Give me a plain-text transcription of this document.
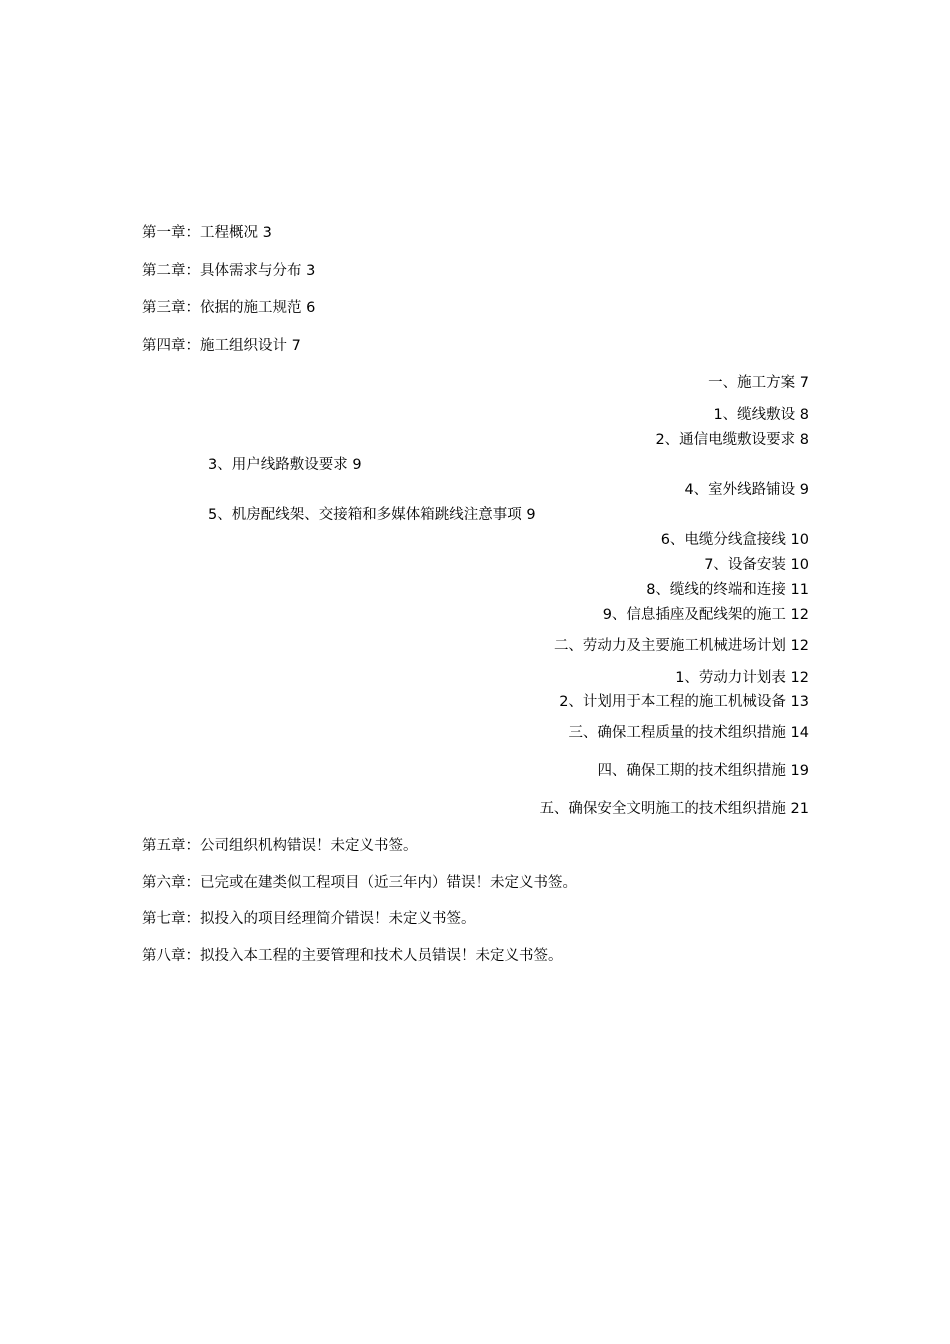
第一章：工程概况 3
第二章：具体需求与分布 3
第三章：依据的施工规范 6
第四章：施工组织设计 7
一、施工方案 7
1、缆线敷设 8
2、通信电缆敷设要求 8
3、用户线路敷设要求 9
4、室外线路铺设 9
5、机房配线架、交接箱和多媒体箱跳线注意事项 9
6、电缆分线盒接线 10
7、设备安装 10
8、缆线的终端和连接 11
9、信息插座及配线架的施工 12
二、劳动力及主要施工机械进场计划 12
1、劳动力计划表 12
2、计划用于本工程的施工机械设备 13
三、确保工程质量的技术组织措施 14
四、确保工期的技术组织措施 19
五、确保安全文明施工的技术组织措施 21
第五章：公司组织机构错误！未定义书签。
第六章：已完或在建类似工程项目（近三年内）错误！未定义书签。
第七章：拟投入的项目经理简介错误！未定义书签。
第八章：拟投入本工程的主要管理和技术人员错误！未定义书签。
